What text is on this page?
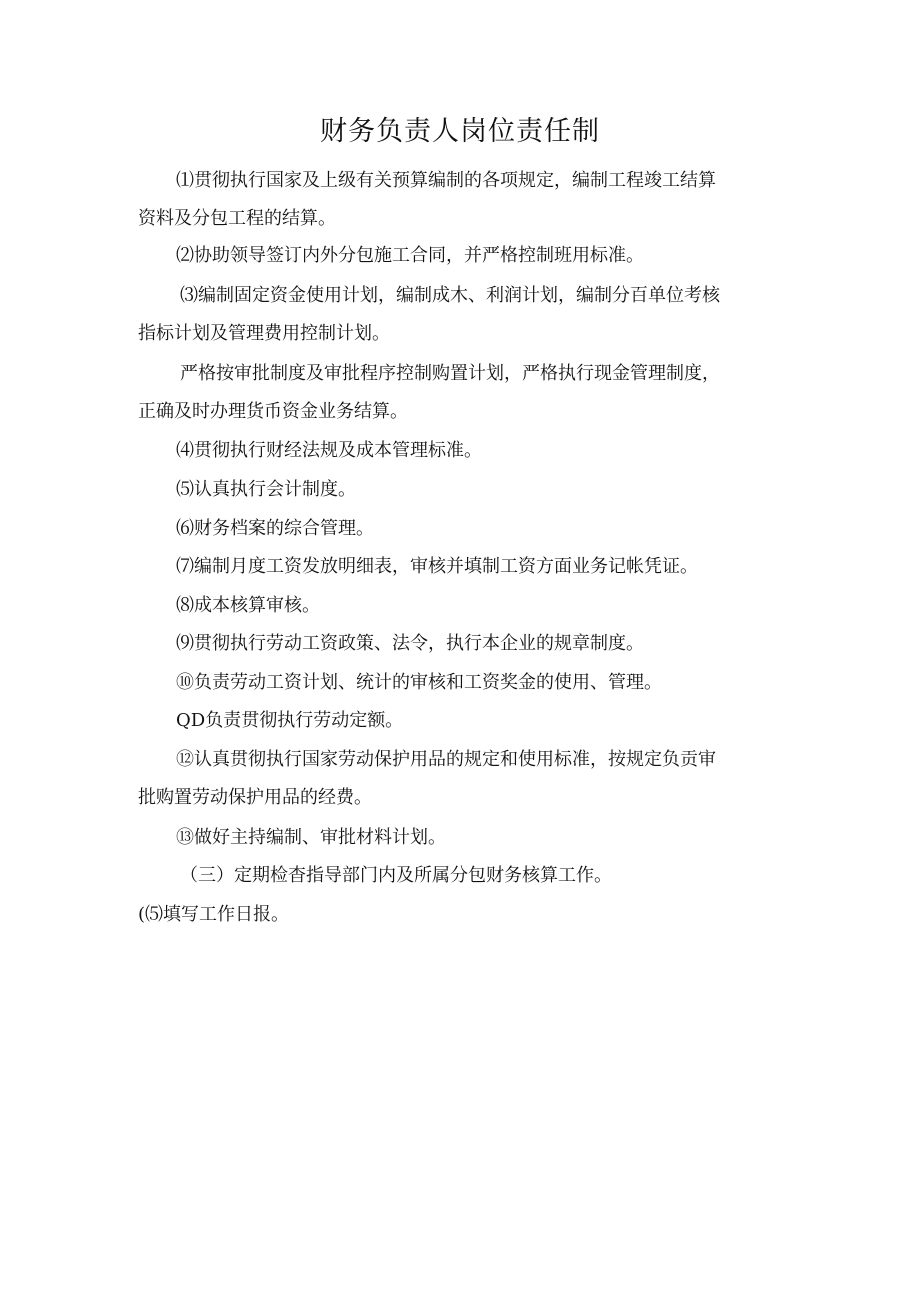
财务负责人岗位责任制
⑴贯彻执行国家及上级有关预算编制的各项规定，编制工程竣工结算
资料及分包工程的结算。
⑵协助领导签订内外分包施工合同，并严格控制班用标准。
⑶编制固定资金使用计划，编制成木、利润计划，编制分百单位考核
指标计划及管理费用控制计划。
严格按审批制度及审批程序控制购置计划，严格执行现金管理制度，
正确及时办理货币资金业务结算。
⑷贯彻执行财经法规及成本管理标准。
⑸认真执行会计制度。
⑹财务档案的综合管理。
⑺编制月度工资发放明细表，审核并填制工资方面业务记帐凭证。
⑻成本核算审核。
⑼贯彻执行劳动工资政策、法令，执行本企业的规章制度。
⑩负责劳动工资计划、统计的审核和工资奖金的使用、管理。
QD负责贯彻执行劳动定额。
⑫认真贯彻执行国家劳动保护用品的规定和使用标准，按规定负贡审
批购置劳动保护用品的经费。
⑬做好主持编制、审批材料计划。
（三）定期检杳指导部门内及所属分包财务核算工作。
(⑸填写工作日报。
